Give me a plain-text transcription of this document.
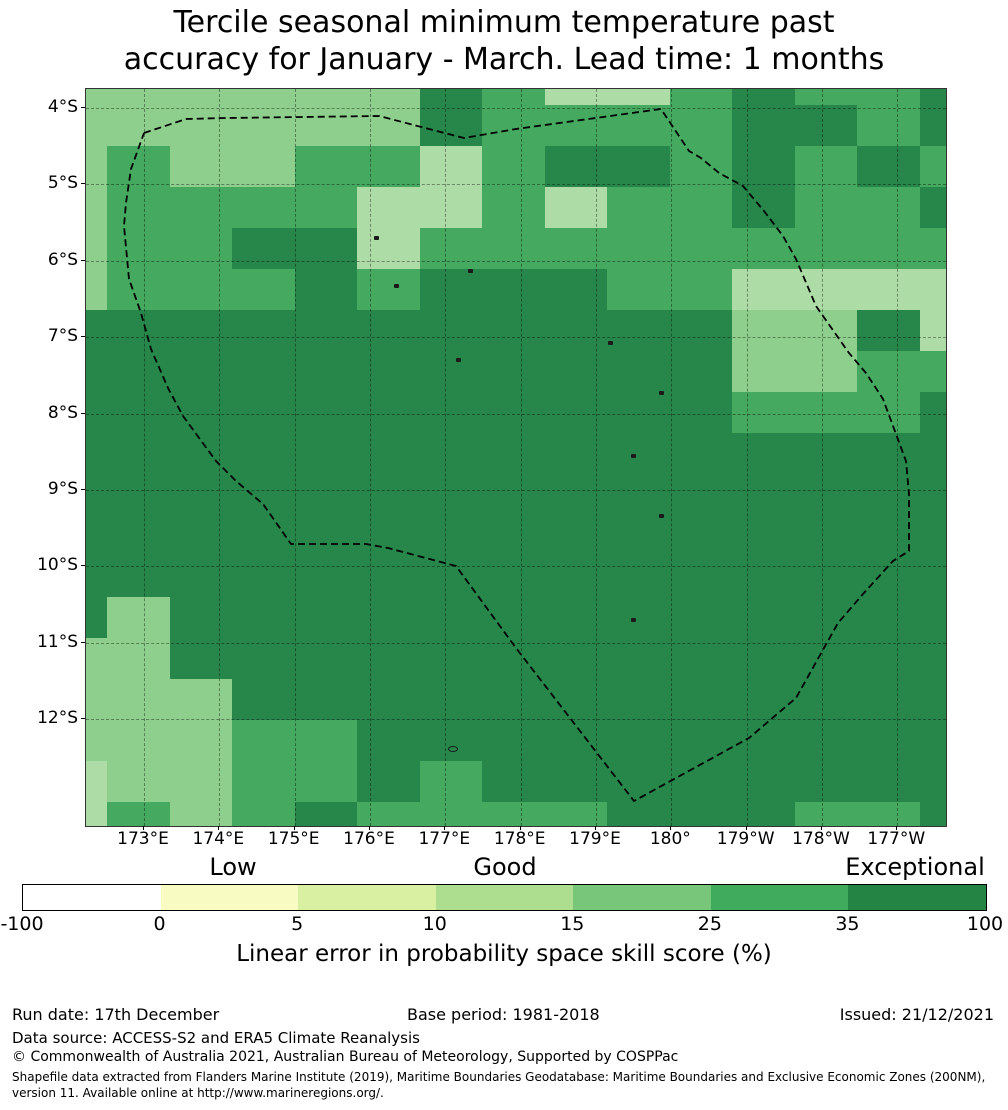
Tercile seasonal minimum temperature past
accuracy for January - March. Lead time: 1 months
173°E	174°E	175°E	176°E	177°E	178°E	179°E	180°	179°W	178°W	177°W
4°S
5°S
6°S
7°S
8°S
9°S
10°S
11°S
12°S
Low	Good	Exceptional
-100	0	5	10	15	25	35	100
Linear error in probability space skill score (%)
Run date: 17th December	Base period: 1981-2018	Issued: 21/12/2021
Data source: ACCESS-S2 and ERA5 Climate Reanalysis
© Commonwealth of Australia 2021, Australian Bureau of Meteorology, Supported by COSPPac
Shapefile data extracted from Flanders Marine Institute (2019), Maritime Boundaries Geodatabase: Maritime Boundaries and Exclusive Economic Zones (200NM), version 11. Available online at http://www.marineregions.org/.
